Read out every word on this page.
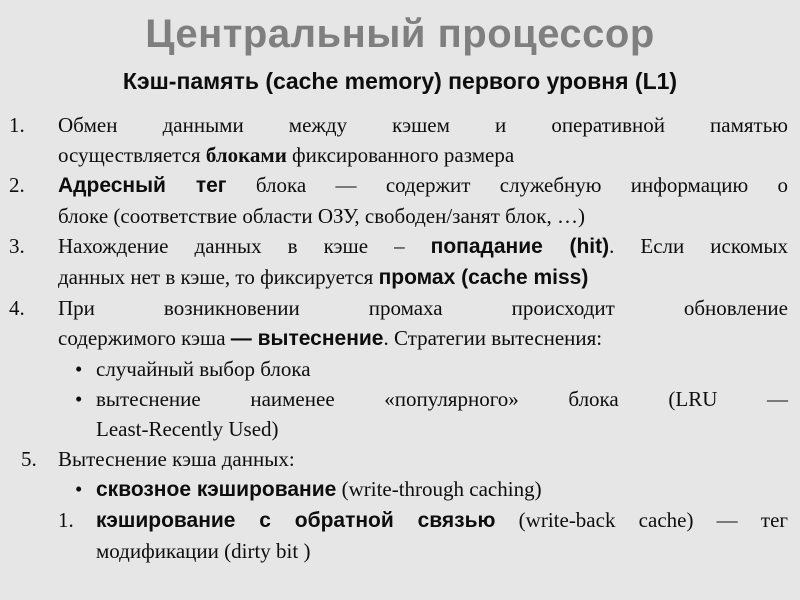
Центральный процессор
Кэш-память (cache memory) первого уровня (L1)
1. Обмен данными между кэшем и оперативной памятью
осуществляется блоками фиксированного размера
2. Адресный тег блока — содержит служебную информацию о
блоке (соответствие области ОЗУ, свободен/занят блок, …)
3. Нахождение данных в кэше – попадание (hit). Если искомых
данных нет в кэше, то фиксируется промах (cache miss)
4. При возникновении промаха происходит обновление
содержимого кэша — вытеснение. Стратегии вытеснения:
• случайный выбор блока
• вытеснение наименее «популярного» блока (LRU —
Least-Recently Used)
5. Вытеснение кэша данных:
• сквозное кэширование (write-through caching)
1. кэширование с обратной связью (write-back cache) — тег
модификации (dirty bit )
